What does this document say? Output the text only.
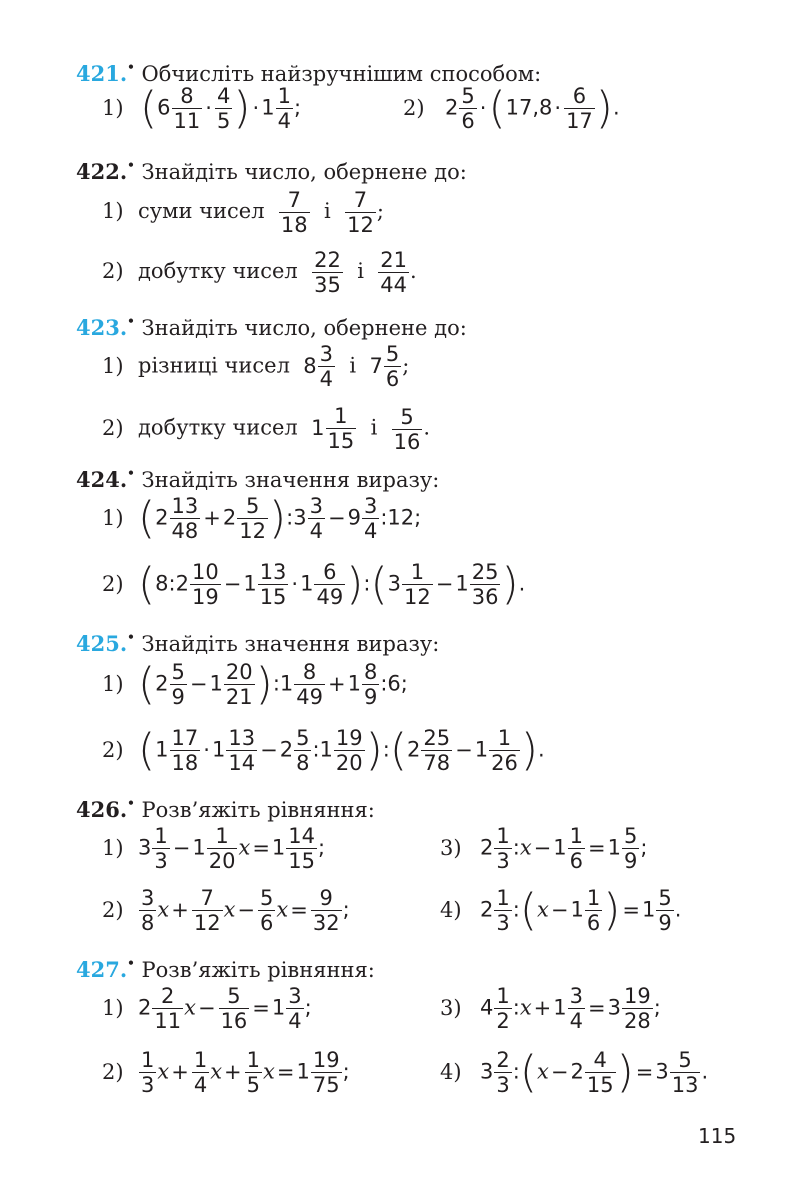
421.• Обчисліть найзручнішим способом:
1) $(6 \frac{8}{11} \cdot \frac{4}{5} )\cdot 1 \frac{1}{4}$ ;	2) $2 \frac{5}{6} \cdot(17,8\cdot \frac{6}{17}$ ).
422.• Знайдіть число, обернене до:
1) суми чисел $\frac{7}{18}$ і $\frac{7}{12}$ ;
2) добутку чисел $\frac{22}{35}$ і $\frac{21}{44}$ .
423.• Знайдіть число, обернене до:
1) різниці чисел $8 \frac{3}{4}$ і $7 \frac{5}{6}$ ;
2) добутку чисел $1 \frac{1}{15}$ і $\frac{5}{16}$ .
424.• Знайдіть значення виразу:
1) ($2 \frac{13}{48} +2 \frac{5}{12}$ ):3 $\frac{3}{4} -9 \frac{3}{4}$ :12;
2) (8:2 $\frac{10}{19} -1 \frac{13}{15} \cdot 1 \frac{6}{49}$ ):(3 $\frac{1}{12} -1 \frac{25}{36}$ ).
425.• Знайдіть значення виразу:
1) ($2 \frac{5}{9} -1 \frac{20}{21}$ ):1 $\frac{8}{49} +1 \frac{8}{9}$ :6;
2) ($1 \frac{17}{18} \cdot 1 \frac{13}{14} -2 \frac{5}{8}$ :1 $\frac{19}{20}$ ):(2 $\frac{25}{78} -1 \frac{1}{26}$ ).
426.• Розв’яжіть рівняння:
1) $3 \frac{1}{3} -1 \frac{1}{20} x=1 \frac{14}{15}$ ;	3) $2 \frac{1}{3}$ :x−1 $\frac{1}{6} =1 \frac{5}{9}$ ;
$2) \frac{3}{8} x+ \frac{7}{12} x- \frac{5}{6} x= \frac{9}{32}$ ;	4) $2 \frac{1}{3}$ :(x−1 $\frac{1}{6} )=1 \frac{5}{9}$ .
427.• Розв’яжіть рівняння:
1) $2 \frac{2}{11} x- \frac{5}{16} =1 \frac{3}{4}$ ;	3) $4 \frac{1}{2}$ :x+1 $\frac{3}{4} =3 \frac{19}{28}$ ;
$2) \frac{1}{3} x+ \frac{1}{4} x+ \frac{1}{5} x=1 \frac{19}{75}$ ;	4) $3 \frac{2}{3}$ :(x−2 $\frac{4}{15} )=3 \frac{5}{13}$ .
115
